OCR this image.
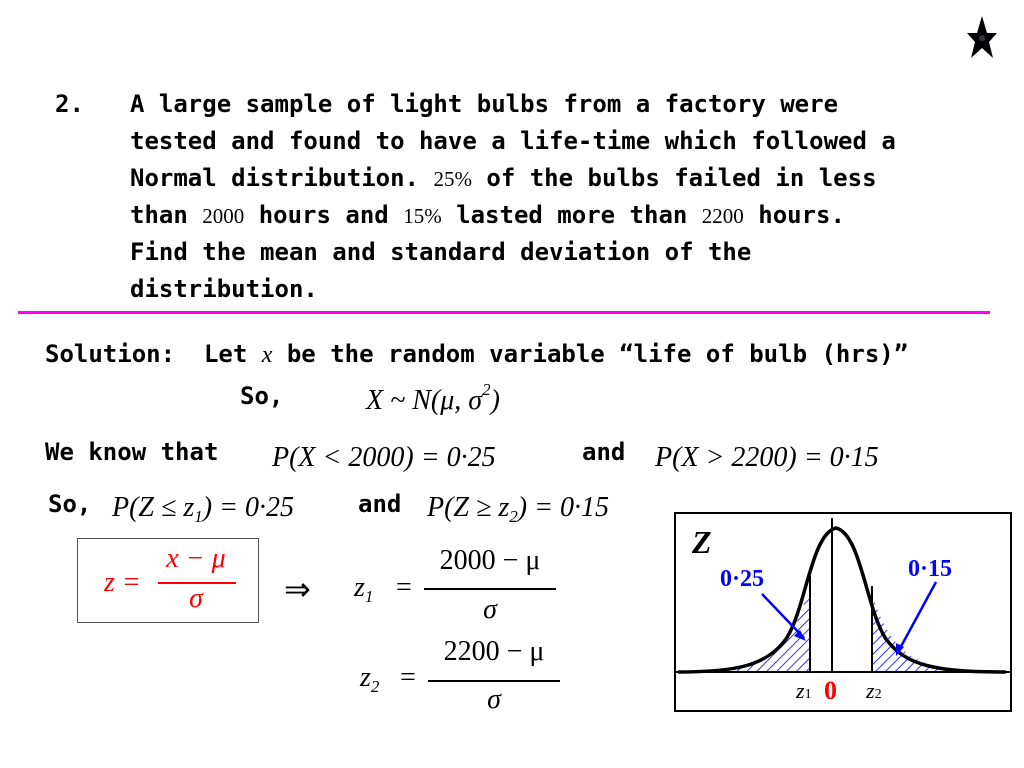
2. A large sample of light bulbs from a factory were
tested and found to have a life-time which followed a
Normal distribution. 25% of the bulbs failed in less
than 2000 hours and 15% lasted more than 2200 hours.
Find the mean and standard deviation of the
distribution.
Solution: Let x be the random variable “life of bulb (hrs)”
So,	X ~ N(μ, $\sigma^2$)
We know that P(X < 2000) = 0·25	and P(X > 2200) = 0·15
So, $P(Z \le z_1) = 0\cdot 25$	and $P(Z \ge z_2) = 0\cdot 15$
z =
x − μ
σ	⇒ $z_1$ =
2000 − μ
σ
$z_2$ =
2200 − μ
σ
Z
0·25	0·15
z1 0 z2
